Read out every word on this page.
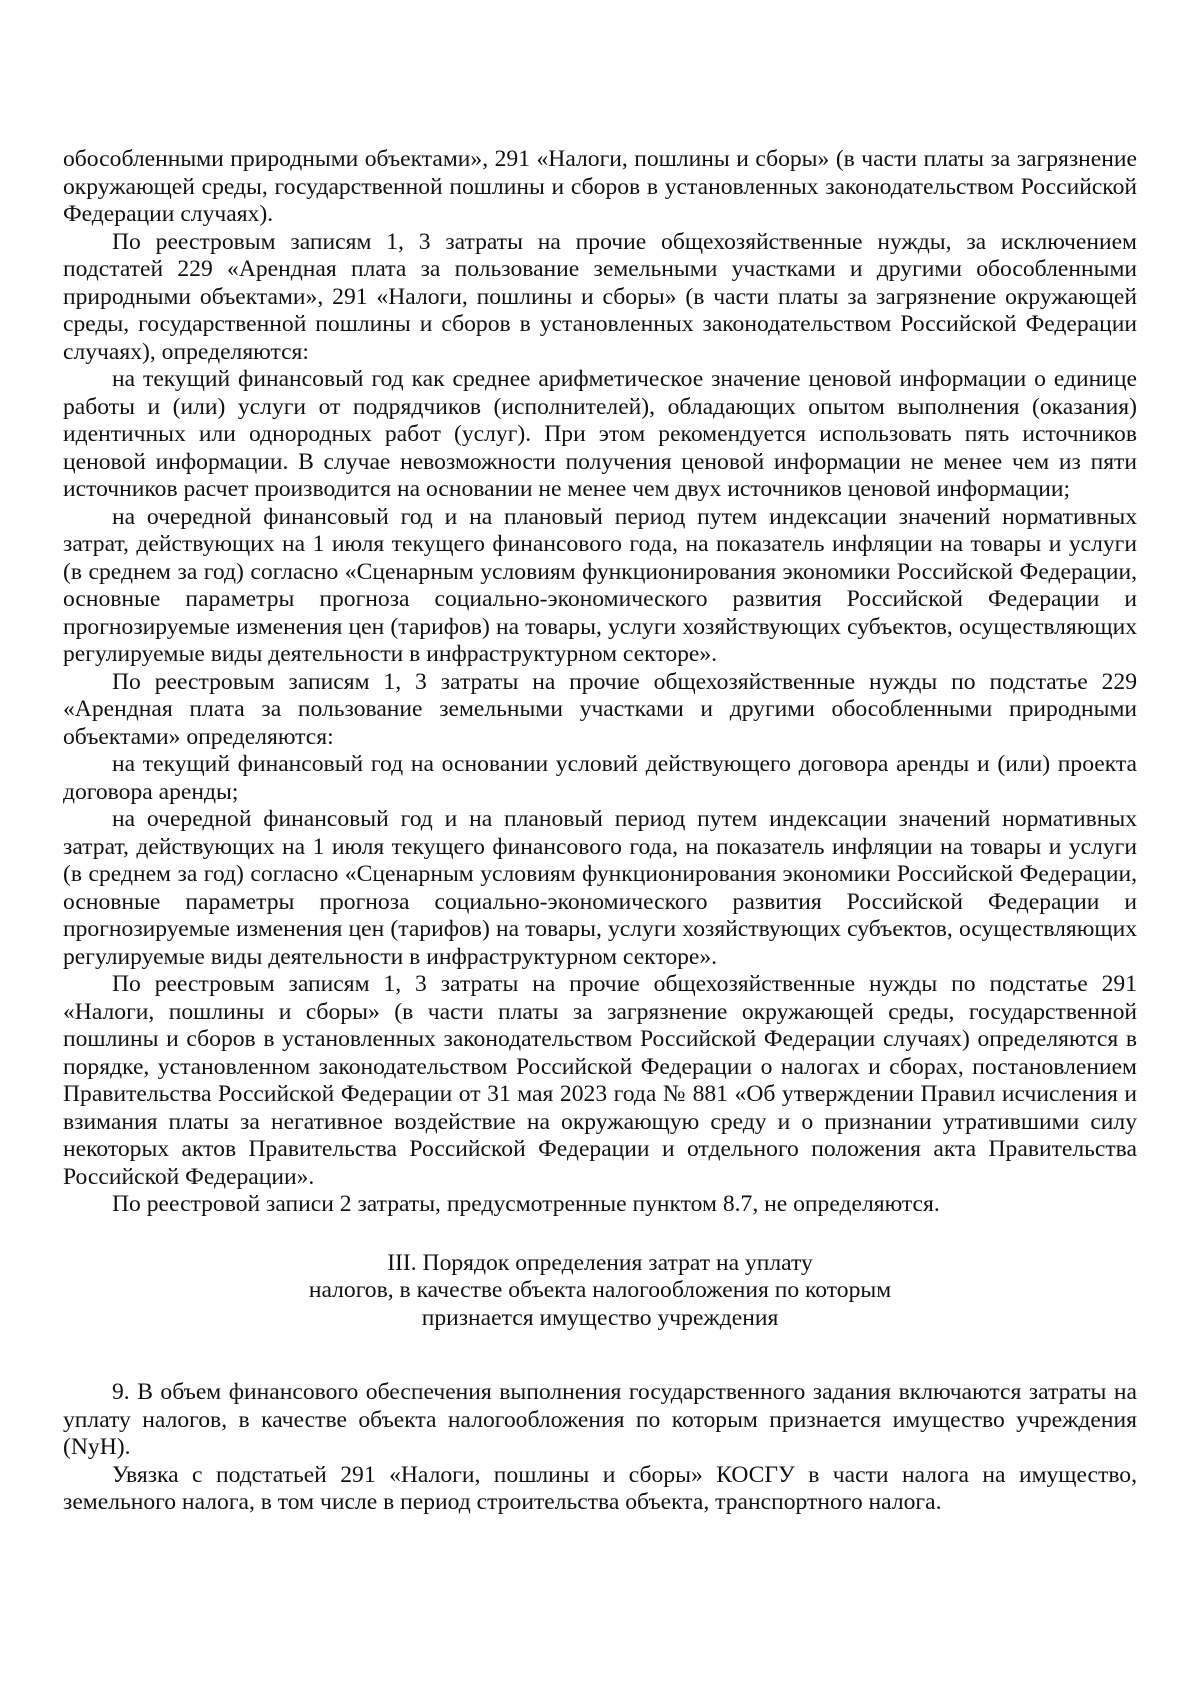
обособленными природными объектами», 291 «Налоги, пошлины и сборы» (в части платы за загрязнение окружающей среды, государственной пошлины и сборов в установленных законодательством Российской Федерации случаях).

По реестровым записям 1, 3 затраты на прочие общехозяйственные нужды, за исключением подстатей 229 «Арендная плата за пользование земельными участками и другими обособленными природными объектами», 291 «Налоги, пошлины и сборы» (в части платы за загрязнение окружающей среды, государственной пошлины и сборов в установленных законодательством Российской Федерации случаях), определяются:

на текущий финансовый год как среднее арифметическое значение ценовой информации о единице работы и (или) услуги от подрядчиков (исполнителей), обладающих опытом выполнения (оказания) идентичных или однородных работ (услуг). При этом рекомендуется использовать пять источников ценовой информации. В случае невозможности получения ценовой информации не менее чем из пяти источников расчет производится на основании не менее чем двух источников ценовой информации;

на очередной финансовый год и на плановый период путем индексации значений нормативных затрат, действующих на 1 июля текущего финансового года, на показатель инфляции на товары и услуги (в среднем за год) согласно «Сценарным условиям функционирования экономики Российской Федерации, основные параметры прогноза социально-экономического развития Российской Федерации и прогнозируемые изменения цен (тарифов) на товары, услуги хозяйствующих субъектов, осуществляющих регулируемые виды деятельности в инфраструктурном секторе».

По реестровым записям 1, 3 затраты на прочие общехозяйственные нужды по подстатье 229 «Арендная плата за пользование земельными участками и другими обособленными природными объектами» определяются:

на текущий финансовый год на основании условий действующего договора аренды и (или) проекта договора аренды;

на очередной финансовый год и на плановый период путем индексации значений нормативных затрат, действующих на 1 июля текущего финансового года, на показатель инфляции на товары и услуги (в среднем за год) согласно «Сценарным условиям функционирования экономики Российской Федерации, основные параметры прогноза социально-экономического развития Российской Федерации и прогнозируемые изменения цен (тарифов) на товары, услуги хозяйствующих субъектов, осуществляющих регулируемые виды деятельности в инфраструктурном секторе».

По реестровым записям 1, 3 затраты на прочие общехозяйственные нужды по подстатье 291 «Налоги, пошлины и сборы» (в части платы за загрязнение окружающей среды, государственной пошлины и сборов в установленных законодательством Российской Федерации случаях) определяются в порядке, установленном законодательством Российской Федерации о налогах и сборах, постановлением Правительства Российской Федерации от 31 мая 2023 года № 881 «Об утверждении Правил исчисления и взимания платы за негативное воздействие на окружающую среду и о признании утратившими силу некоторых актов Правительства Российской Федерации и отдельного положения акта Правительства Российской Федерации».

По реестровой записи 2 затраты, предусмотренные пунктом 8.7, не определяются.

III. Порядок определения затрат на уплату
налогов, в качестве объекта налогообложения по которым
признается имущество учреждения

9. В объем финансового обеспечения выполнения государственного задания включаются затраты на уплату налогов, в качестве объекта налогообложения по которым признается имущество учреждения (NуН).

Увязка с подстатьей 291 «Налоги, пошлины и сборы» КОСГУ в части налога на имущество, земельного налога, в том числе в период строительства объекта, транспортного налога.
